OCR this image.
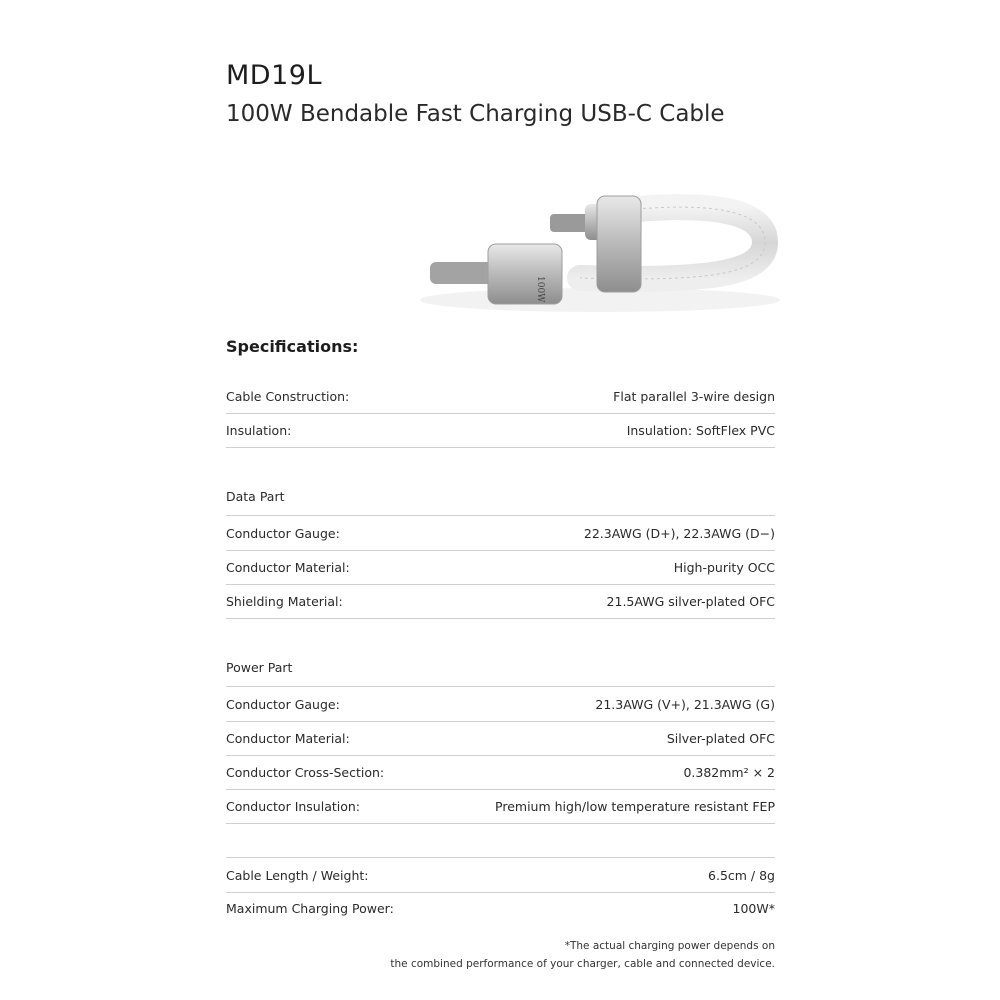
MD19L
100W Bendable Fast Charging USB-C Cable
100W
Specifications:
Cable Construction:	Flat parallel 3-wire design
Insulation:	Insulation: SoftFlex PVC
Data Part
Conductor Gauge:	22.3AWG (D+), 22.3AWG (D−)
Conductor Material:	High-purity OCC
Shielding Material:	21.5AWG silver-plated OFC
Power Part
Conductor Gauge:	21.3AWG (V+), 21.3AWG (G)
Conductor Material:	Silver-plated OFC
Conductor Cross-Section:	0.382mm² × 2
Conductor Insulation:	Premium high/low temperature resistant FEP
Cable Length / Weight:	6.5cm / 8g
Maximum Charging Power:	100W*
*The actual charging power depends on
the combined performance of your charger, cable and connected device.
